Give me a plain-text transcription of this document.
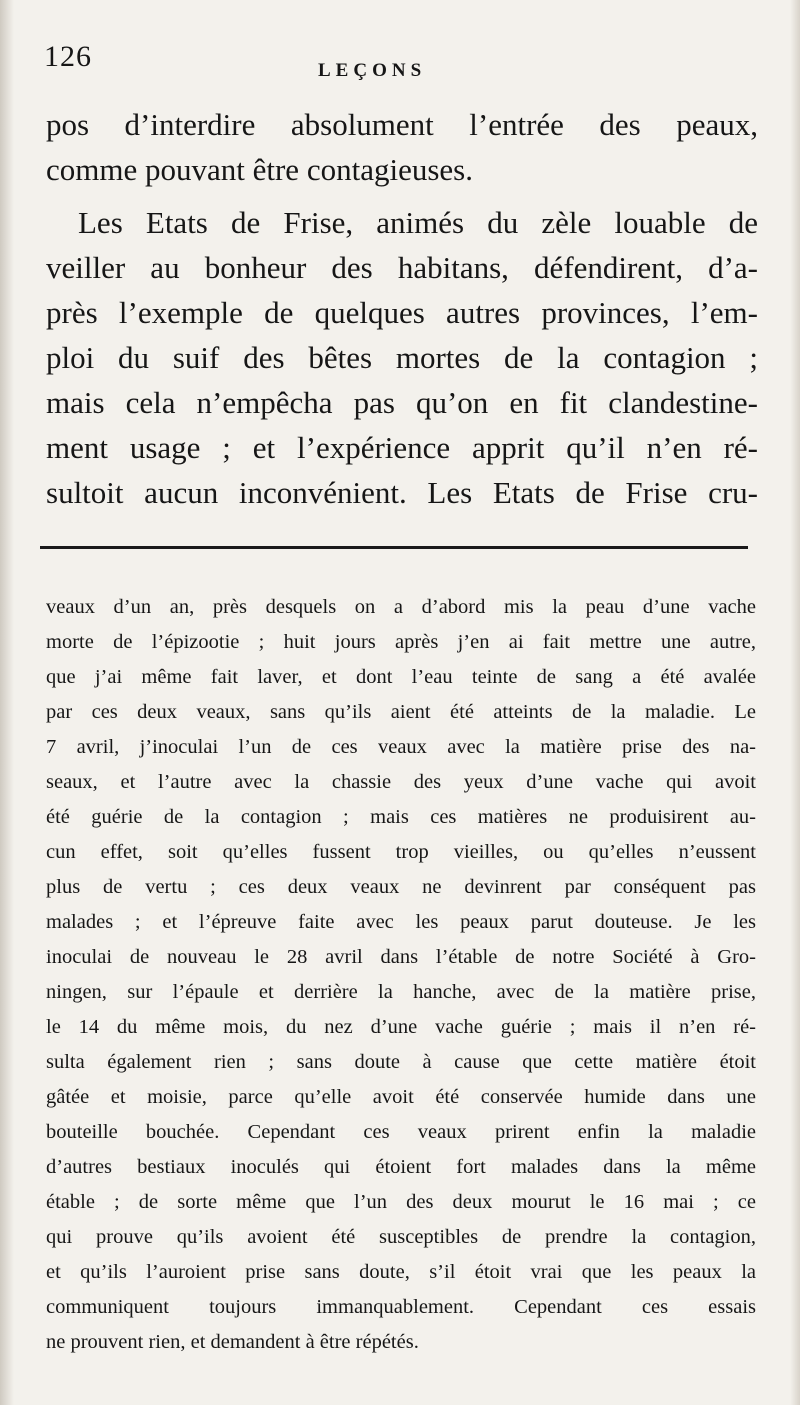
126	LEÇONS
pos d’interdire absolument l’entrée des peaux,
comme pouvant être contagieuses.
Les Etats de Frise, animés du zèle louable de
veiller au bonheur des habitans, défendirent, d’a-
près l’exemple de quelques autres provinces, l’em-
ploi du suif des bêtes mortes de la contagion ;
mais cela n’empêcha pas qu’on en fit clandestine-
ment usage ; et l’expérience apprit qu’il n’en ré-
sultoit aucun inconvénient. Les Etats de Frise cru-
veaux d’un an, près desquels on a d’abord mis la peau d’une vache
morte de l’épizootie ; huit jours après j’en ai fait mettre une autre,
que j’ai même fait laver, et dont l’eau teinte de sang a été avalée
par ces deux veaux, sans qu’ils aient été atteints de la maladie. Le
7 avril, j’inoculai l’un de ces veaux avec la matière prise des na-
seaux, et l’autre avec la chassie des yeux d’une vache qui avoit
été guérie de la contagion ; mais ces matières ne produisirent au-
cun effet, soit qu’elles fussent trop vieilles, ou qu’elles n’eussent
plus de vertu ; ces deux veaux ne devinrent par conséquent pas
malades ; et l’épreuve faite avec les peaux parut douteuse. Je les
inoculai de nouveau le 28 avril dans l’étable de notre Société à Gro-
ningen, sur l’épaule et derrière la hanche, avec de la matière prise,
le 14 du même mois, du nez d’une vache guérie ; mais il n’en ré-
sulta également rien ; sans doute à cause que cette matière étoit
gâtée et moisie, parce qu’elle avoit été conservée humide dans une
bouteille bouchée. Cependant ces veaux prirent enfin la maladie
d’autres bestiaux inoculés qui étoient fort malades dans la même
étable ; de sorte même que l’un des deux mourut le 16 mai ; ce
qui prouve qu’ils avoient été susceptibles de prendre la contagion,
et qu’ils l’auroient prise sans doute, s’il étoit vrai que les peaux la
communiquent toujours immanquablement. Cependant ces essais
ne prouvent rien, et demandent à être répétés.
